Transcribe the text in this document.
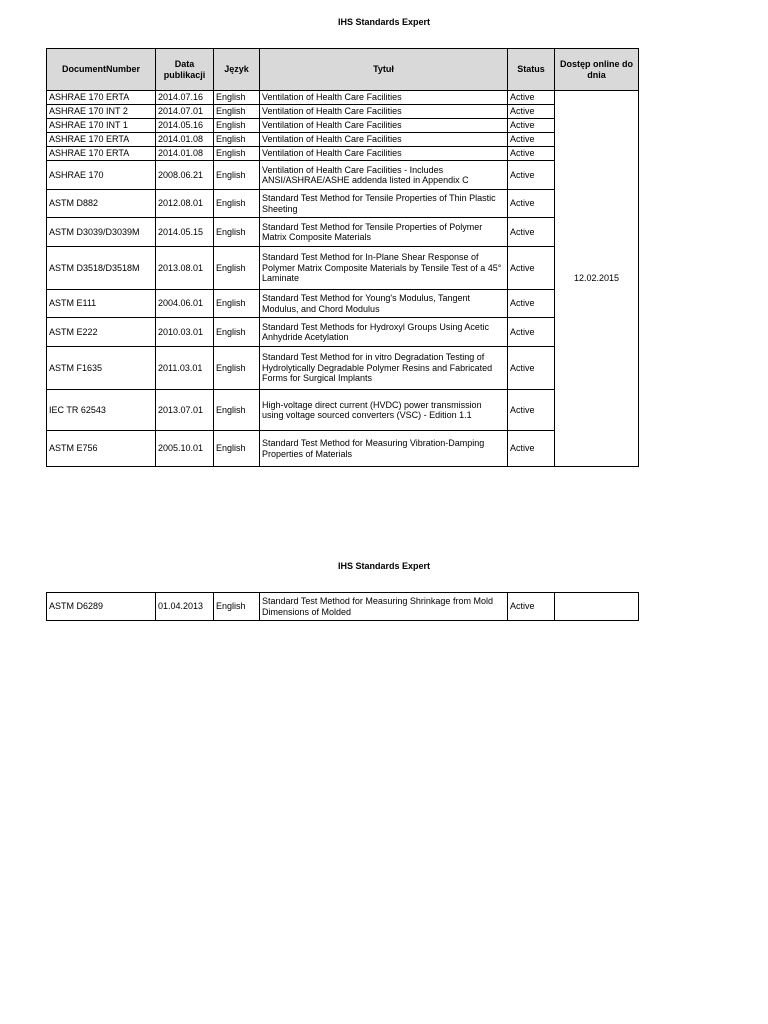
IHS Standards Expert
DocumentNumber	Data publikacji	Język	Tytuł	Status	Dostęp online do dnia
ASHRAE 170 ERTA	2014.07.16	English	Ventilation of Health Care Facilities	Active	12.02.2015
ASHRAE 170 INT 2	2014.07.01	English	Ventilation of Health Care Facilities	Active	
ASHRAE 170 INT 1	2014.05.16	English	Ventilation of Health Care Facilities	Active	
ASHRAE 170 ERTA	2014.01.08	English	Ventilation of Health Care Facilities	Active	
ASHRAE 170 ERTA	2014.01.08	English	Ventilation of Health Care Facilities	Active	
ASHRAE 170	2008.06.21	English	Ventilation of Health Care Facilities - Includes ANSI/ASHRAE/ASHE addenda listed in Appendix C	Active	
ASTM D882	2012.08.01	English	Standard Test Method for Tensile Properties of Thin Plastic Sheeting	Active	
ASTM D3039/D3039M	2014.05.15	English	Standard Test Method for Tensile Properties of Polymer Matrix Composite Materials	Active	
ASTM D3518/D3518M	2013.08.01	English	Standard Test Method for In-Plane Shear Response of Polymer Matrix Composite Materials by Tensile Test of a 45° Laminate	Active	
ASTM E111	2004.06.01	English	Standard Test Method for Young's Modulus, Tangent Modulus, and Chord Modulus	Active	
ASTM E222	2010.03.01	English	Standard Test Methods for Hydroxyl Groups Using Acetic Anhydride Acetylation	Active	
ASTM F1635	2011.03.01	English	Standard Test Method for in vitro Degradation Testing of Hydrolytically Degradable Polymer Resins and Fabricated Forms for Surgical Implants	Active	
IEC TR 62543	2013.07.01	English	High-voltage direct current (HVDC) power transmission using voltage sourced converters (VSC) - Edition 1.1	Active	
ASTM E756	2005.10.01	English	Standard Test Method for Measuring Vibration-Damping Properties of Materials	Active	
IHS Standards Expert
ASTM D6289	01.04.2013	English	Standard Test Method for Measuring Shrinkage from Mold Dimensions of Molded	Active	
